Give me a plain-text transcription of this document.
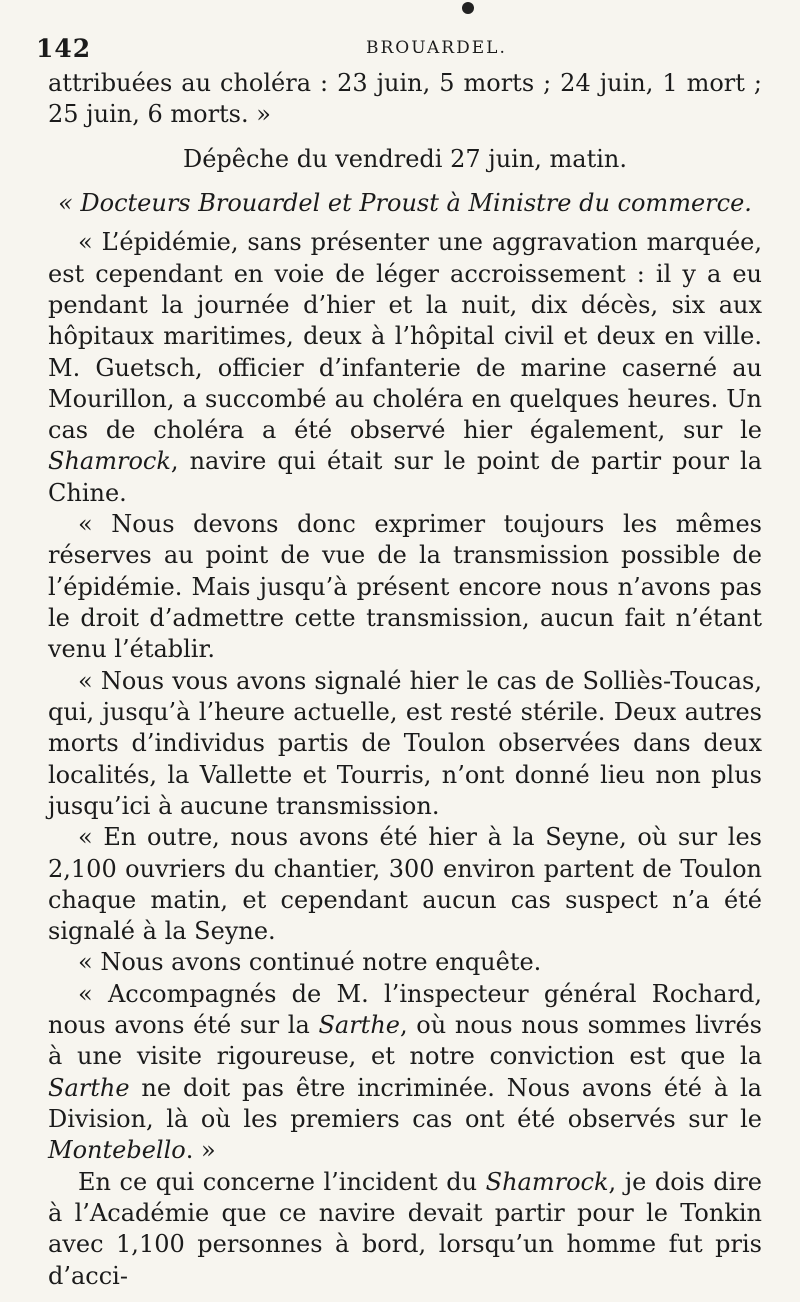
142	BROUARDEL.

attribuées au choléra : 23 juin, 5 morts ; 24 juin, 1 mort ; 25 juin, 6 morts. »

Dépêche du vendredi 27 juin, matin.

« Docteurs Brouardel et Proust à Ministre du commerce.

« L’épidémie, sans présenter une aggravation marquée, est cependant en voie de léger accroissement : il y a eu pendant la journée d’hier et la nuit, dix décès, six aux hôpitaux maritimes, deux à l’hôpital civil et deux en ville. M. Guetsch, officier d’infanterie de marine caserné au Mourillon, a succombé au choléra en quelques heures. Un cas de choléra a été observé hier également, sur le Shamrock, navire qui était sur le point de partir pour la Chine.

« Nous devons donc exprimer toujours les mêmes réserves au point de vue de la transmission possible de l’épidémie. Mais jusqu’à présent encore nous n’avons pas le droit d’admettre cette transmission, aucun fait n’étant venu l’établir.

« Nous vous avons signalé hier le cas de Solliès-Toucas, qui, jusqu’à l’heure actuelle, est resté stérile. Deux autres morts d’individus partis de Toulon observées dans deux localités, la Vallette et Tourris, n’ont donné lieu non plus jusqu’ici à aucune transmission.

« En outre, nous avons été hier à la Seyne, où sur les 2,100 ouvriers du chantier, 300 environ partent de Toulon chaque matin, et cependant aucun cas suspect n’a été signalé à la Seyne.

« Nous avons continué notre enquête.

« Accompagnés de M. l’inspecteur général Rochard, nous avons été sur la Sarthe, où nous nous sommes livrés à une visite rigoureuse, et notre conviction est que la Sarthe ne doit pas être incriminée. Nous avons été à la Division, là où les premiers cas ont été observés sur le Montebello. »

En ce qui concerne l’incident du Shamrock, je dois dire à l’Académie que ce navire devait partir pour le Tonkin avec 1,100 personnes à bord, lorsqu’un homme fut pris d’acci-
